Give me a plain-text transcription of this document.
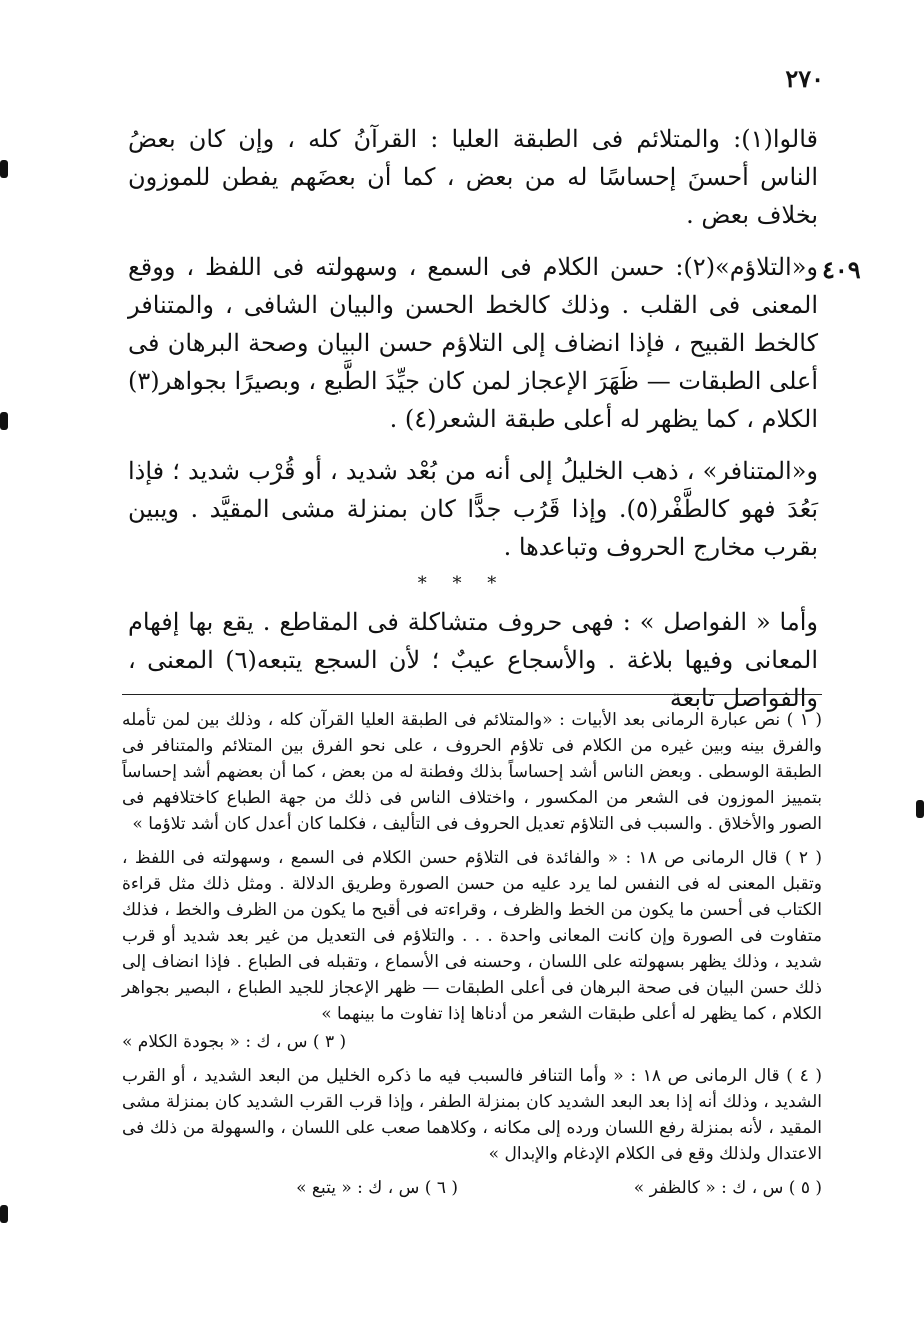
٢٧٠
٤٠٩

قالوا(١): والمتلائم فى الطبقة العليا : القرآنُ كله ، وإن كان بعضُ الناس أحسنَ إحساسًا له من بعض ، كما أن بعضَهم يفطن للموزون بخلاف بعض .

و«التلاؤم»(٢): حسن الكلام فى السمع ، وسهولته فى اللفظ ، ووقع المعنى فى القلب . وذلك كالخط الحسن والبيان الشافى ، والمتنافر كالخط القبيح ، فإذا انضاف إلى التلاؤم حسن البيان وصحة البرهان فى أعلى الطبقات — ظَهَرَ الإعجاز لمن كان جيِّدَ الطَّبع ، وبصيرًا بجواهر(٣) الكلام ، كما يظهر له أعلى طبقة الشعر(٤) .

و«المتنافر» ، ذهب الخليلُ إلى أنه من بُعْد شديد ، أو قُرْب شديد ؛ فإذا بَعُدَ فهو كالطَّفْر(٥). وإذا قَرُب جدًّا كان بمنزلة مشى المقيَّد . ويبين بقرب مخارج الحروف وتباعدها .

* * *

وأما « الفواصل » : فهى حروف متشاكلة فى المقاطع . يقع بها إفهام المعانى وفيها بلاغة . والأسجاع عيبٌ ؛ لأن السجع يتبعه(٦) المعنى ، والفواصل تابعة

( ١ ) نص عبارة الرمانى بعد الأبيات : «والمتلائم فى الطبقة العليا القرآن كله ، وذلك بين لمن تأمله والفرق بينه وبين غيره من الكلام فى تلاؤم الحروف ، على نحو الفرق بين المتلائم والمتنافر فى الطبقة الوسطى . وبعض الناس أشد إحساساً بذلك وفطنة له من بعض ، كما أن بعضهم أشد إحساساً بتمييز الموزون فى الشعر من المكسور ، واختلاف الناس فى ذلك من جهة الطباع كاختلافهم فى الصور والأخلاق . والسبب فى التلاؤم تعديل الحروف فى التأليف ، فكلما كان أعدل كان أشد تلاؤما »

( ٢ ) قال الرمانى ص ١٨ : « والفائدة فى التلاؤم حسن الكلام فى السمع ، وسهولته فى اللفظ ، وتقبل المعنى له فى النفس لما يرد عليه من حسن الصورة وطريق الدلالة . ومثل ذلك مثل قراءة الكتاب فى أحسن ما يكون من الخط والظرف ، وقراءته فى أقبح ما يكون من الظرف والخط ، فذلك متفاوت فى الصورة وإن كانت المعانى واحدة . . . والتلاؤم فى التعديل من غير بعد شديد أو قرب شديد ، وذلك يظهر بسهولته على اللسان ، وحسنه فى الأسماع ، وتقبله فى الطباع . فإذا انضاف إلى ذلك حسن البيان فى صحة البرهان فى أعلى الطبقات — ظهر الإعجاز للجيد الطباع ، البصير بجواهر الكلام ، كما يظهر له أعلى طبقات الشعر من أدناها إذا تفاوت ما بينهما »

( ٣ ) س ، ك : « بجودة الكلام »

( ٤ ) قال الرمانى ص ١٨ : « وأما التنافر فالسبب فيه ما ذكره الخليل من البعد الشديد ، أو القرب الشديد ، وذلك أنه إذا بعد البعد الشديد كان بمنزلة الطفر ، وإذا قرب القرب الشديد كان بمنزلة مشى المقيد ، لأنه بمنزلة رفع اللسان ورده إلى مكانه ، وكلاهما صعب على اللسان ، والسهولة من ذلك فى الاعتدال ولذلك وقع فى الكلام الإدغام والإبدال »

( ٥ ) س ، ك : « كالظفر »
( ٦ ) س ، ك : « يتبع »
